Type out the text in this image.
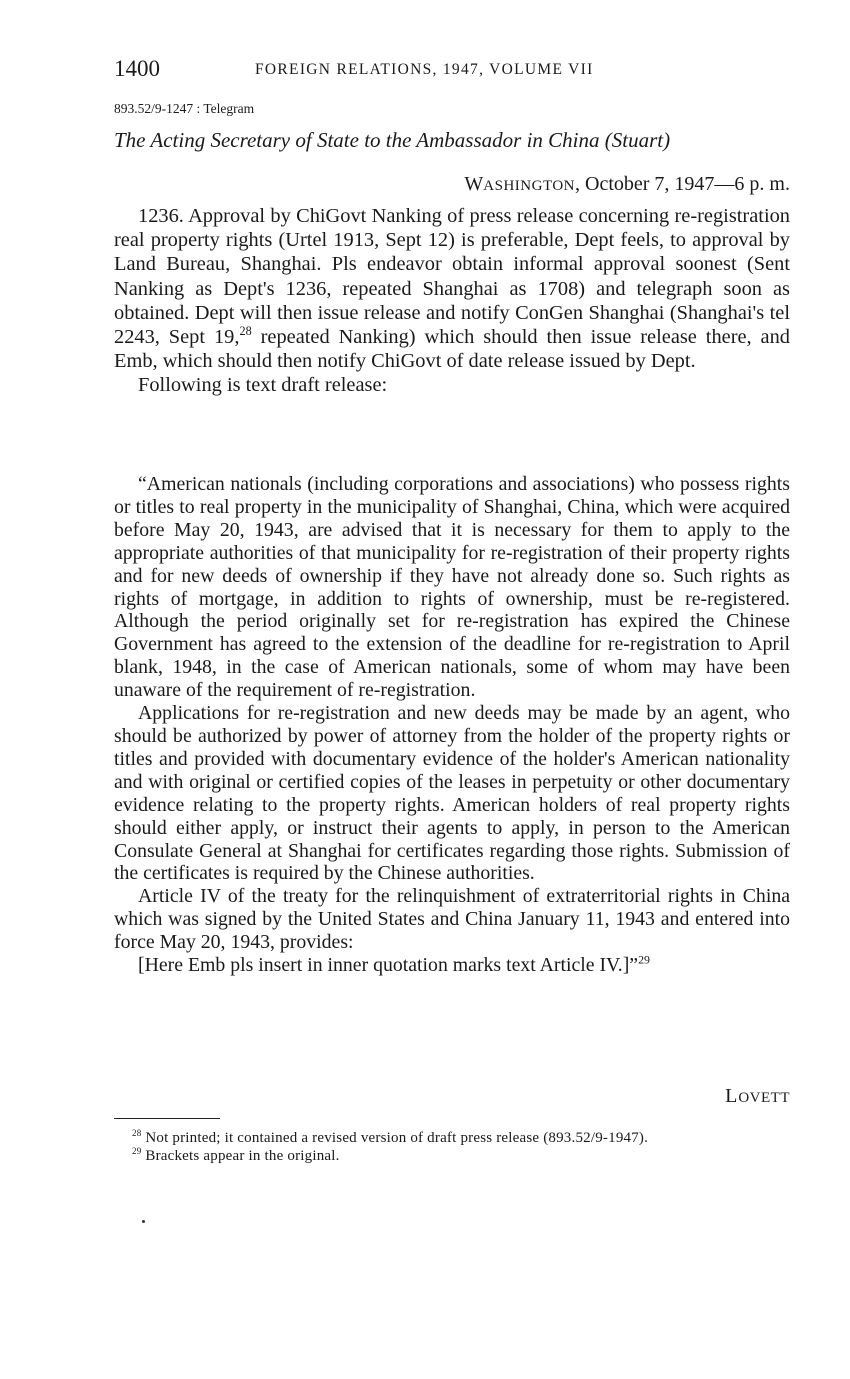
1400	FOREIGN RELATIONS, 1947, VOLUME VII
893.52/9-1247 : Telegram
The Acting Secretary of State to the Ambassador in China (Stuart)
WASHINGTON, October 7, 1947—6 p. m.

1236. Approval by ChiGovt Nanking of press release concerning re-registration real property rights (Urtel 1913, Sept 12) is preferable, Dept feels, to approval by Land Bureau, Shanghai. Pls endeavor obtain informal approval soonest (Sent Nanking as Dept's 1236, repeated Shanghai as 1708) and telegraph soon as obtained. Dept will then issue release and notify ConGen Shanghai (Shanghai's tel 2243, Sept 19,28 repeated Nanking) which should then issue release there, and Emb, which should then notify ChiGovt of date release issued by Dept.

Following is text draft release:

“American nationals (including corporations and associations) who possess rights or titles to real property in the municipality of Shanghai, China, which were acquired before May 20, 1943, are advised that it is necessary for them to apply to the appropriate authorities of that municipality for re-registration of their property rights and for new deeds of ownership if they have not already done so. Such rights as rights of mortgage, in addition to rights of ownership, must be re-registered. Although the period originally set for re-registration has expired the Chinese Government has agreed to the extension of the deadline for re-registration to April blank, 1948, in the case of American nationals, some of whom may have been unaware of the requirement of re-registration.

Applications for re-registration and new deeds may be made by an agent, who should be authorized by power of attorney from the holder of the property rights or titles and provided with documentary evidence of the holder's American nationality and with original or certified copies of the leases in perpetuity or other documentary evidence relating to the property rights. American holders of real property rights should either apply, or instruct their agents to apply, in person to the American Consulate General at Shanghai for certificates regarding those rights. Submission of the certificates is required by the Chinese authorities.

Article IV of the treaty for the relinquishment of extraterritorial rights in China which was signed by the United States and China January 11, 1943 and entered into force May 20, 1943, provides:

[Here Emb pls insert in inner quotation marks text Article IV.]”$^{29}$

LOVETT

$^{28}$ Not printed; it contained a revised version of draft press release (893.52/9-1947).

$^{29}$ Brackets appear in the original.
